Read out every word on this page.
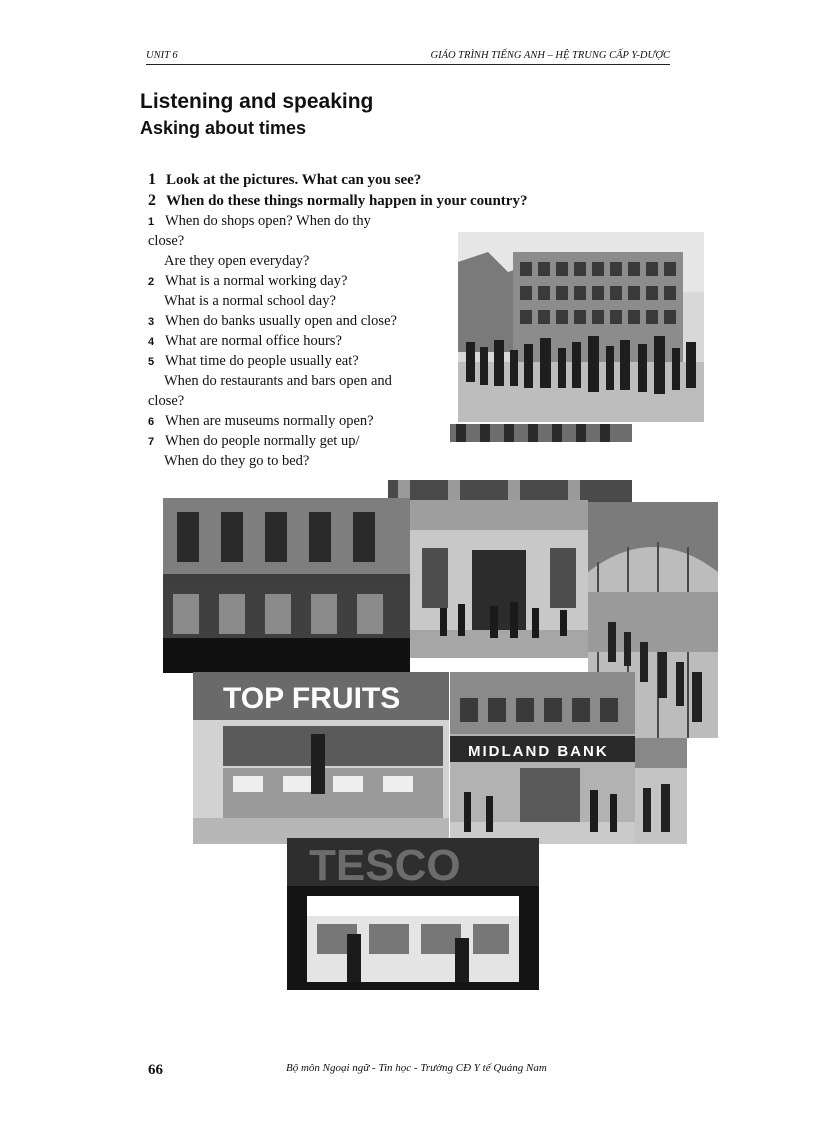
UNIT 6	GIÁO TRÌNH TIẾNG ANH – HỆ TRUNG CẤP Y-DƯỢC
Listening and speaking
Asking about times
1 Look at the pictures. What can you see?
2 When do these things normally happen in your country?
1 When do shops open? When do thy
close?
Are they open everyday?
2 What is a normal working day?
What is a normal school day?
3 When do banks usually open and close?
4 What are normal office hours?
5 What time do people usually eat?
When do restaurants and bars open and
close?
6 When are museums normally open?
7 When do people normally get up/
When do they go to bed?
TOP FRUITS
MIDLAND BANK
TESCO
66	Bộ môn Ngoại ngữ - Tin học - Trường CĐ Y tế Quảng Nam
